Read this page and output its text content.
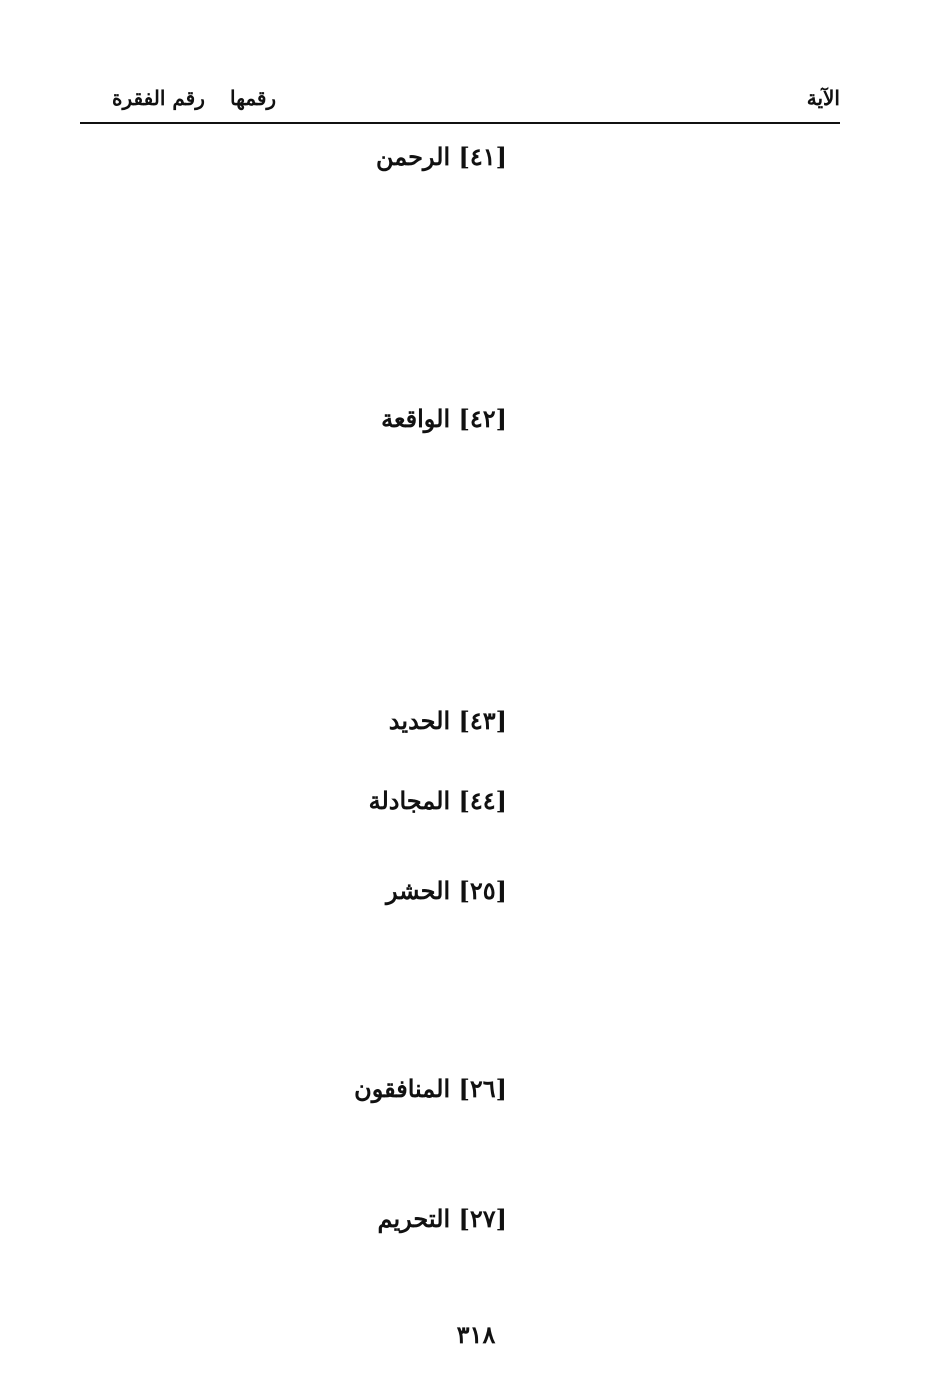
الآية
رقمها
رقم الفقرة
[٤١] الرحمن
[٤٢] الواقعة
[٤٣] الحديد
[٤٤] المجادلة
[٢٥] الحشر
[٢٦] المنافقون
[٢٧] التحريم
٣١٨
